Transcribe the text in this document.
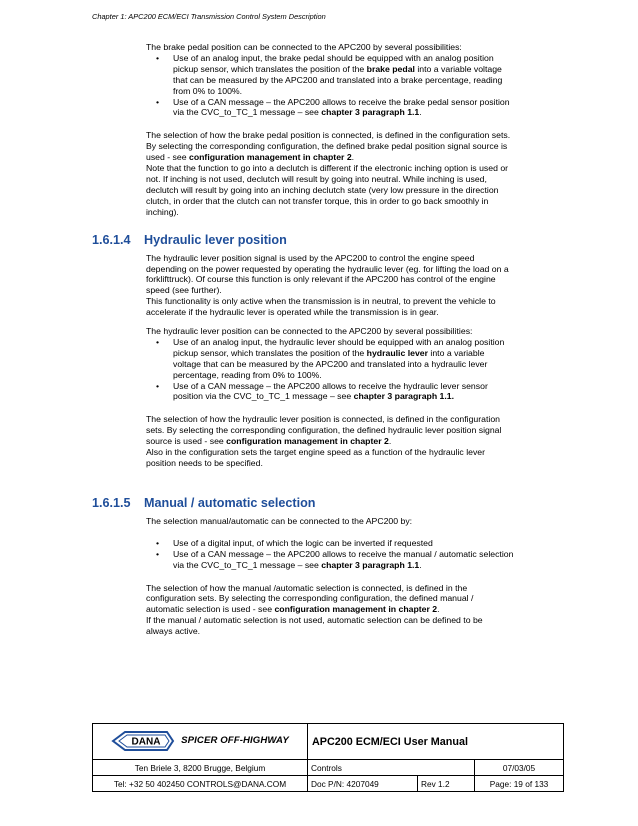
Chapter 1: APC200 ECM/ECI Transmission Control System Description
The brake pedal position can be connected to the APC200 by several possibilities:
• Use of an analog input, the brake pedal should be equipped with an analog position
pickup sensor, which translates the position of the brake pedal into a variable voltage
that can be measured by the APC200 and translated into a brake percentage, reading
from 0% to 100%.
• Use of a CAN message – the APC200 allows to receive the brake pedal sensor position
via the CVC_to_TC_1 message – see chapter 3 paragraph 1.1.
The selection of how the brake pedal position is connected, is defined in the configuration sets.
By selecting the corresponding configuration, the defined brake pedal position signal source is
used - see configuration management in chapter 2.
Note that the function to go into a declutch is different if the electronic inching option is used or
not. If inching is not used, declutch will result by going into neutral. While inching is used,
declutch will result by going into an inching declutch state (very low pressure in the direction
clutch, in order that the clutch can not transfer torque, this in order to go back smoothly in
inching).
1.6.1.4 Hydraulic lever position
The hydraulic lever position signal is used by the APC200 to control the engine speed
depending on the power requested by operating the hydraulic lever (eg. for lifting the load on a
forklifttruck). Of course this function is only relevant if the APC200 has control of the engine
speed (see further).
This functionality is only active when the transmission is in neutral, to prevent the vehicle to
accelerate if the hydraulic lever is operated while the transmission is in gear.
The hydraulic lever position can be connected to the APC200 by several possibilities:
• Use of an analog input, the hydraulic lever should be equipped with an analog position
pickup sensor, which translates the position of the hydraulic lever into a variable
voltage that can be measured by the APC200 and translated into a hydraulic lever
percentage, reading from 0% to 100%.
• Use of a CAN message – the APC200 allows to receive the hydraulic lever sensor
position via the CVC_to_TC_1 message – see chapter 3 paragraph 1.1.
The selection of how the hydraulic lever position is connected, is defined in the configuration
sets. By selecting the corresponding configuration, the defined hydraulic lever position signal
source is used - see configuration management in chapter 2.
Also in the configuration sets the target engine speed as a function of the hydraulic lever
position needs to be specified.
1.6.1.5 Manual / automatic selection
The selection manual/automatic can be connected to the APC200 by:
• Use of a digital input, of which the logic can be inverted if requested
• Use of a CAN message – the APC200 allows to receive the manual / automatic selection
via the CVC_to_TC_1 message – see chapter 3 paragraph 1.1.
The selection of how the manual /automatic selection is connected, is defined in the
configuration sets. By selecting the corresponding configuration, the defined manual /
automatic selection is used - see configuration management in chapter 2.
If the manual / automatic selection is not used, automatic selection can be defined to be
always active.
DANA SPICER OFF-HIGHWAY	APC200 ECM/ECI User Manual		
Ten Briele 3, 8200 Brugge, Belgium	Controls		07/03/05
Tel: +32 50 402450 CONTROLS@DANA.COM	Doc P/N: 4207049	Rev 1.2	Page: 19 of 133
